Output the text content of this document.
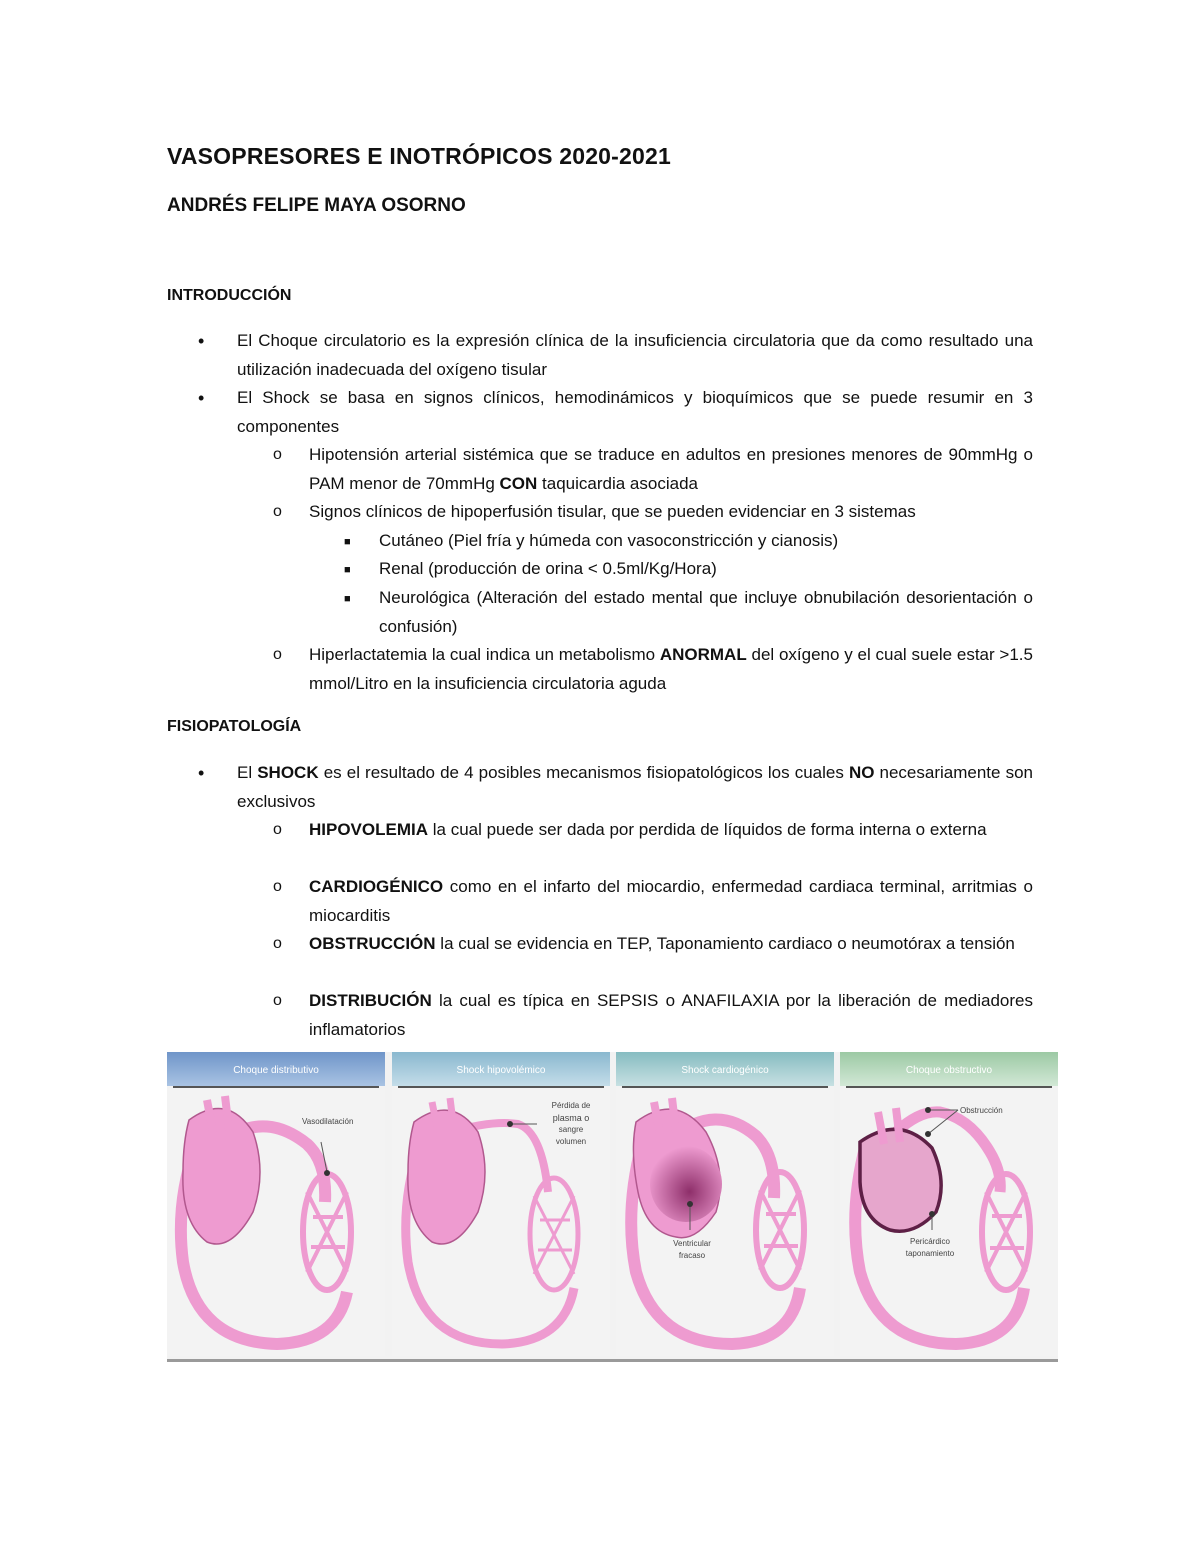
VASOPRESORES E INOTRÓPICOS 2020-2021
ANDRÉS FELIPE MAYA OSORNO
INTRODUCCIÓN
• El Choque circulatorio es la expresión clínica de la insuficiencia circulatoria que da como resultado una utilización inadecuada del oxígeno tisular

• El Shock se basa en signos clínicos, hemodinámicos y bioquímicos que se puede resumir en 3 componentes

o Hipotensión arterial sistémica que se traduce en adultos en presiones menores de 90mmHg o PAM menor de 70mmHg CON taquicardia asociada

o Signos clínicos de hipoperfusión tisular, que se pueden evidenciar en 3 sistemas

■ Cutáneo (Piel fría y húmeda con vasoconstricción y cianosis)

■ Renal (producción de orina < 0.5ml/Kg/Hora)

■ Neurológica (Alteración del estado mental que incluye obnubilación desorientación o confusión)

o Hiperlactatemia la cual indica un metabolismo ANORMAL del oxígeno y el cual suele estar >1.5 mmol/Litro en la insuficiencia circulatoria aguda

FISIOPATOLOGÍA
• El SHOCK es el resultado de 4 posibles mecanismos fisiopatológicos los cuales NO necesariamente son exclusivos

o HIPOVOLEMIA la cual puede ser dada por perdida de líquidos de forma interna o externa

o CARDIOGÉNICO como en el infarto del miocardio, enfermedad cardiaca terminal, arritmias o miocarditis

o OBSTRUCCIÓN la cual se evidencia en TEP, Taponamiento cardiaco o neumotórax a tensión

o DISTRIBUCIÓN la cual es típica en SEPSIS o ANAFILAXIA por la liberación de mediadores inflamatorios

Choque distributivo
Vasodilatación
Shock hipovolémico
Pérdida de
plasma o
sangre
volumen
Shock cardiogénico
Ventricular
fracaso
Choque obstructivo
Obstrucción
Pericárdico
taponamiento
